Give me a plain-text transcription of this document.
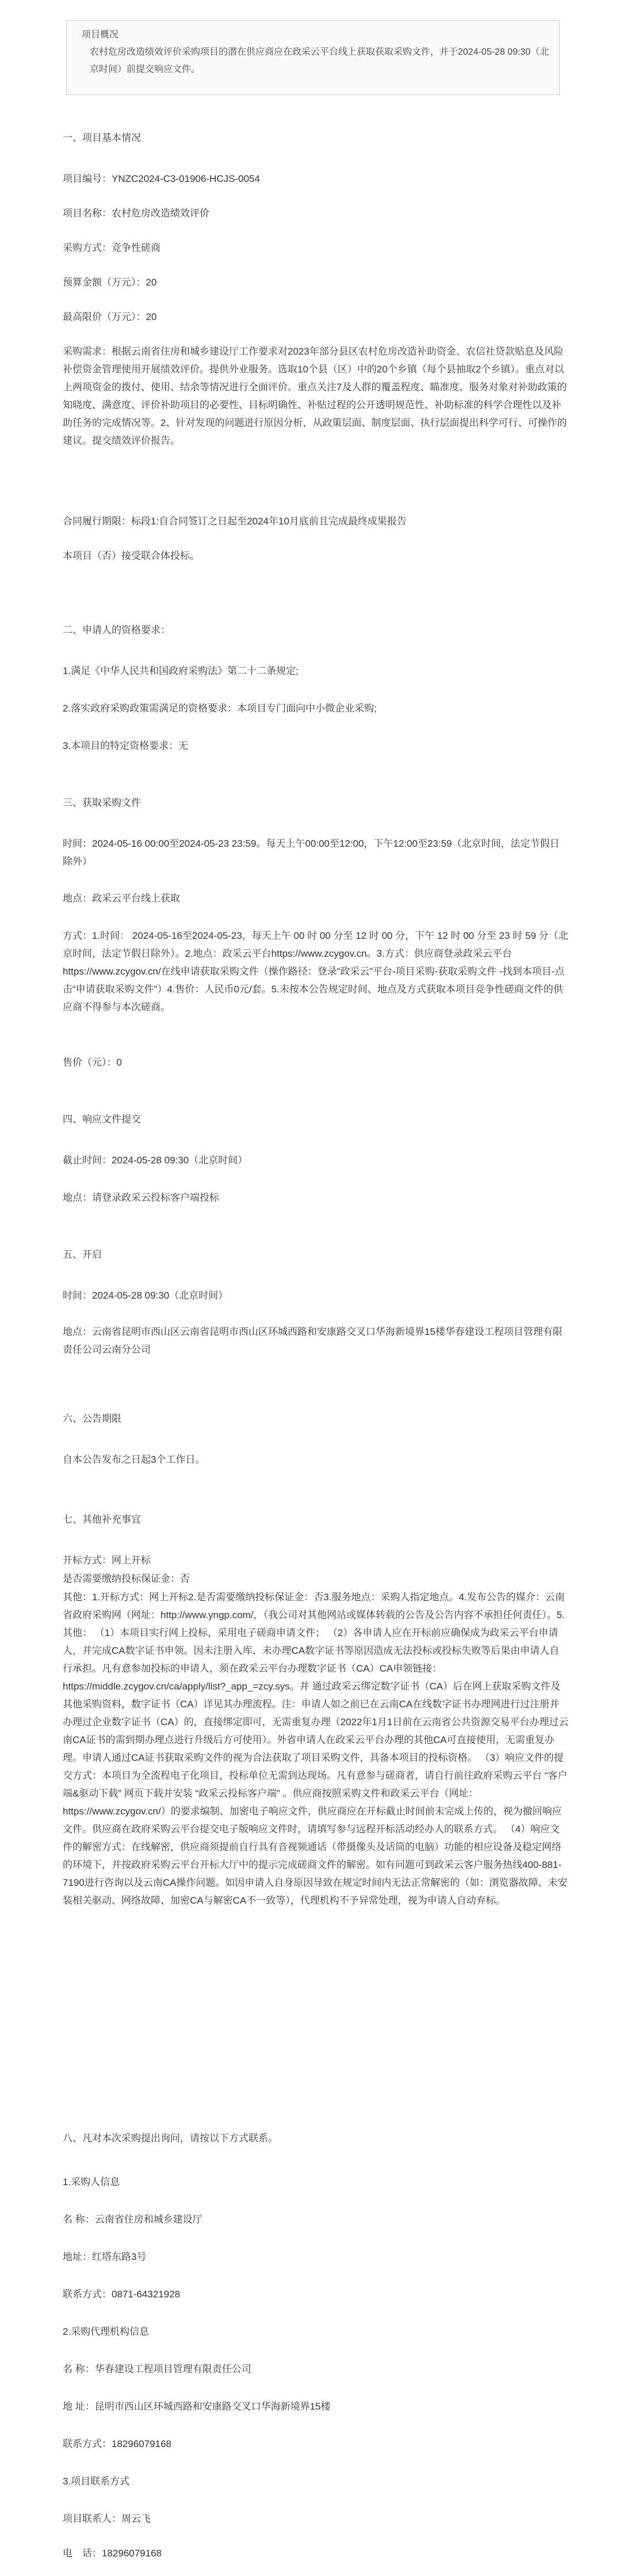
项目概况
农村危房改造绩效评价采购项目的潜在供应商应在政采云平台线上获取获取采购文件，并于2024-05-28 09:30（北京时间）前提交响应文件。
一、项目基本情况
项目编号：YNZC2024-C3-01906-HCJS-0054
项目名称：农村危房改造绩效评价
采购方式：竞争性磋商
预算金额（万元）：20
最高限价（万元）：20
采购需求：根据云南省住房和城乡建设厅工作要求对2023年部分县区农村危房改造补助资金、农信社贷款贴息及风险补偿资金管理使用开展绩效评价。提供外业服务。选取10个县（区）中的20个乡镇（每个县抽取2个乡镇）。重点对以上两项资金的拨付、使用、结余等情况进行全面评价。重点关注7及人群的覆盖程度、瞄准度、服务对象对补助政策的知晓度、满意度、评价补助项目的必要性、目标明确性、补贴过程的公开透明规范性、补助标准的科学合理性以及补助任务的完成情况等。2、针对发现的问题进行原因分析，从政策层面、制度层面、执行层面提出科学可行、可操作的建议。提交绩效评价报告。
合同履行期限：标段1:自合同签订之日起至2024年10月底前且完成最终成果报告
本项目（否）接受联合体投标。
二、申请人的资格要求：
1.满足《中华人民共和国政府采购法》第二十二条规定;
2.落实政府采购政策需满足的资格要求：本项目专门面向中小微企业采购;
3.本项目的特定资格要求：无
三、获取采购文件
时间：2024-05-16 00:00至2024-05-23 23:59。每天上午00:00至12:00，下午12:00至23:59（北京时间，法定节假日除外）
地点：政采云平台线上获取
方式：1.时间： 2024-05-16至2024-05-23，每天上午 00 时 00 分至 12 时 00 分，下午 12 时 00 分至 23 时 59 分（北京时间，法定节假日除外）。2.地点：政采云平台https://www.zcygov.cn。3.方式：供应商登录政采云平台https://www.zcygov.cn/在线申请获取采购文件（操作路径：登录“政采云”平台-项目采购-获取采购文件 -找到本项目-点击“申请获取采购文件”）4.售价：人民币0元/套。5.未按本公告规定时间、地点及方式获取本项目竞争性磋商文件的供应商不得参与本次磋商。
售价（元）：0
四、响应文件提交
截止时间：2024-05-28 09:30（北京时间）
地点：请登录政采云投标客户端投标
五、开启
时间：2024-05-28 09:30（北京时间）
地点：云南省昆明市西山区云南省昆明市西山区环城西路和安康路交叉口华海新境界15楼华春建设工程项目管理有限责任公司云南分公司
六、公告期限
自本公告发布之日起3个工作日。
七、其他补充事宜
开标方式：网上开标
是否需要缴纳投标保证金：否
其他：1.开标方式：网上开标2.是否需要缴纳投标保证金：否3.服务地点：采购人指定地点。4.发布公告的媒介：云南省政府采购网（网址：http://www.yngp.com/，（我公司对其他网站或媒体转载的公告及公告内容不承担任何责任）。5.其他： （1）本项目实行网上投标，采用电子磋商申请文件； （2）各申请人应在开标前应确保成为政采云平台申请人，并完成CA数字证书申领。因未注册入库、未办理CA数字证书等原因造成无法投标或投标失败等后果由申请人自行承担。凡有意参加投标的申请人，须在政采云平台办理数字证书（CA）CA申领链接：https://middle.zcygov.cn/ca/apply/list?_app_=zcy.sys。并 通过政采云绑定数字证书（CA）后在网上获取采购文件及其他采购资料，数字证书（CA）详见其办理流程。注：申请人如之前已在云南CA在线数字证书办理网进行过注册并办理过企业数字证书（CA）的，直接绑定即可，无需重复办理（2022年1月1日前在云南省公共资源交易平台办理过云南CA证书的需到期办理点进行升级后方可使用）。外省申请人在政采云平台办理的其他CA可直接使用，无需重复办理。申请人通过CA证书获取采购文件的视为合法获取了项目采购文件，具备本项目的投标资格。 （3）响应文件的提交方式：本项目为全流程电子化项目，投标单位无需到达现场。凡有意参与磋商者，请自行前往政府采购云平台 “客户端&驱动下载” 网页下载并安装 “政采云投标客户端” 。供应商按照采购文件和政采云平台（网址：https://www.zcygov.cn/）的要求编制、加密电子响应文件，供应商应在开标截止时间前未完成上传的，视为撤回响应文件。供应商在政府采购云平台提交电子版响应文件时，请填写参与远程开标活动经办人的联系方式。 （4）响应文件的解密方式：在线解密，供应商须提前自行具有音视频通话（带摄像头及话筒的电脑）功能的相应设备及稳定网络的环境下，并按政府采购云平台开标大厅中的提示完成磋商文件的解密。如有问题可到政采云客户服务热线400-881-7190进行咨询以及云南CA操作问题。如因申请人自身原因导致在规定时间内无法正常解密的（如：浏览器故障、未安装相关驱动、网络故障、加密CA与解密CA不一致等），代理机构不予异常处理，视为申请人自动弃标。
八、凡对本次采购提出询问，请按以下方式联系。
1.采购人信息
名 称：云南省住房和城乡建设厅
地址：红塔东路3号
联系方式：0871-64321928
2.采购代理机构信息
名 称：华春建设工程项目管理有限责任公司
地 址：昆明市西山区环城西路和安康路交叉口华海新境界15楼
联系方式：18296079168
3.项目联系方式
项目联系人：周云飞
电　话：18296079168
